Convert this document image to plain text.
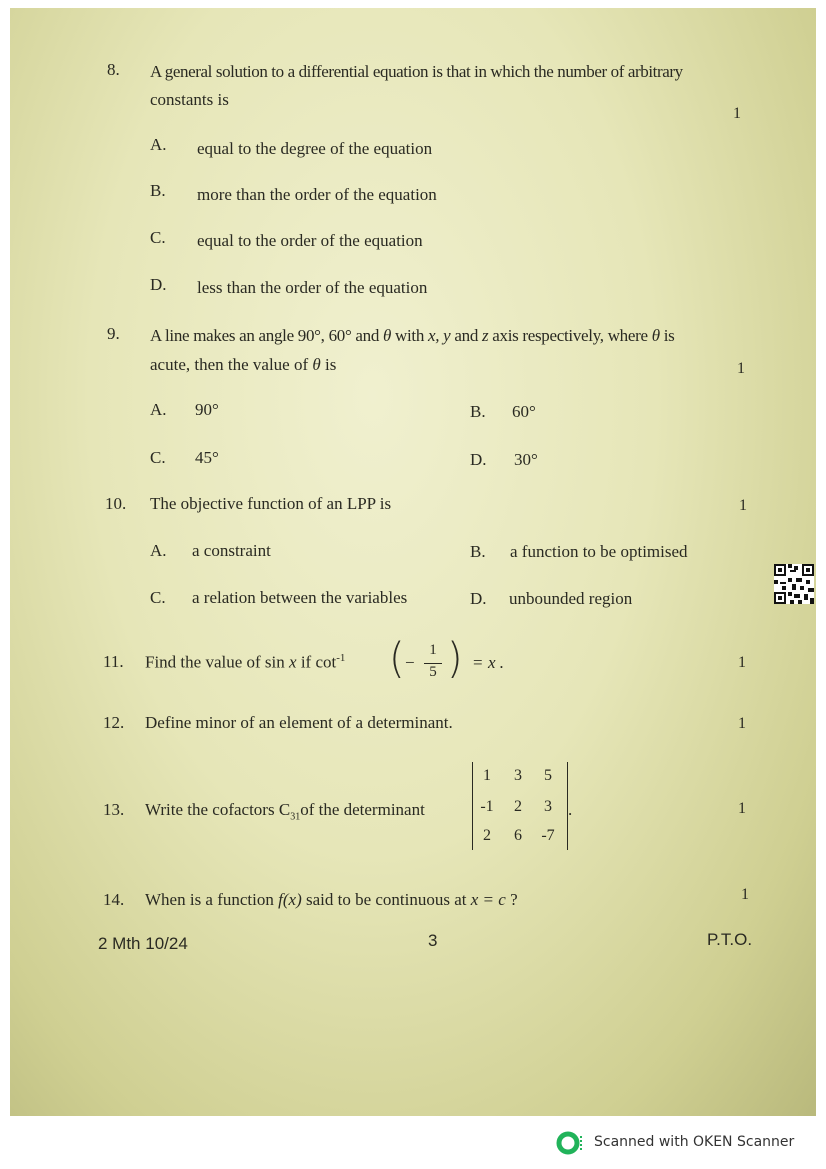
8. A general solution to a differential equation is that in which the number of arbitrary
constants is
1
A. equal to the degree of the equation
B. more than the order of the equation
C. equal to the order of the equation
D. less than the order of the equation
9. A line makes an angle 90°, 60° and θ with x, y and z axis respectively, where θ is
acute, then the value of θ is	1
A. 90°	B. 60°
C. 45°	D. 30°
10. The objective function of an LPP is	1
A. a constraint	B. a function to be optimised
C. a relation between the variables	D. unbounded region
11. Find the value of sin x if $\cot^{-1}$ ( −
1
5 ) = x .	1
12. Define minor of an element of a determinant.	1
13. Write the cofactors $C_{31}of$ the determinant
1	3	5
-1	2	3
2	6	-7
.	1
14. When is a function f(x) said to be continuous at x = c ?	1
2 Mth 10/24	3	P.T.O.
Scanned with OKEN Scanner
